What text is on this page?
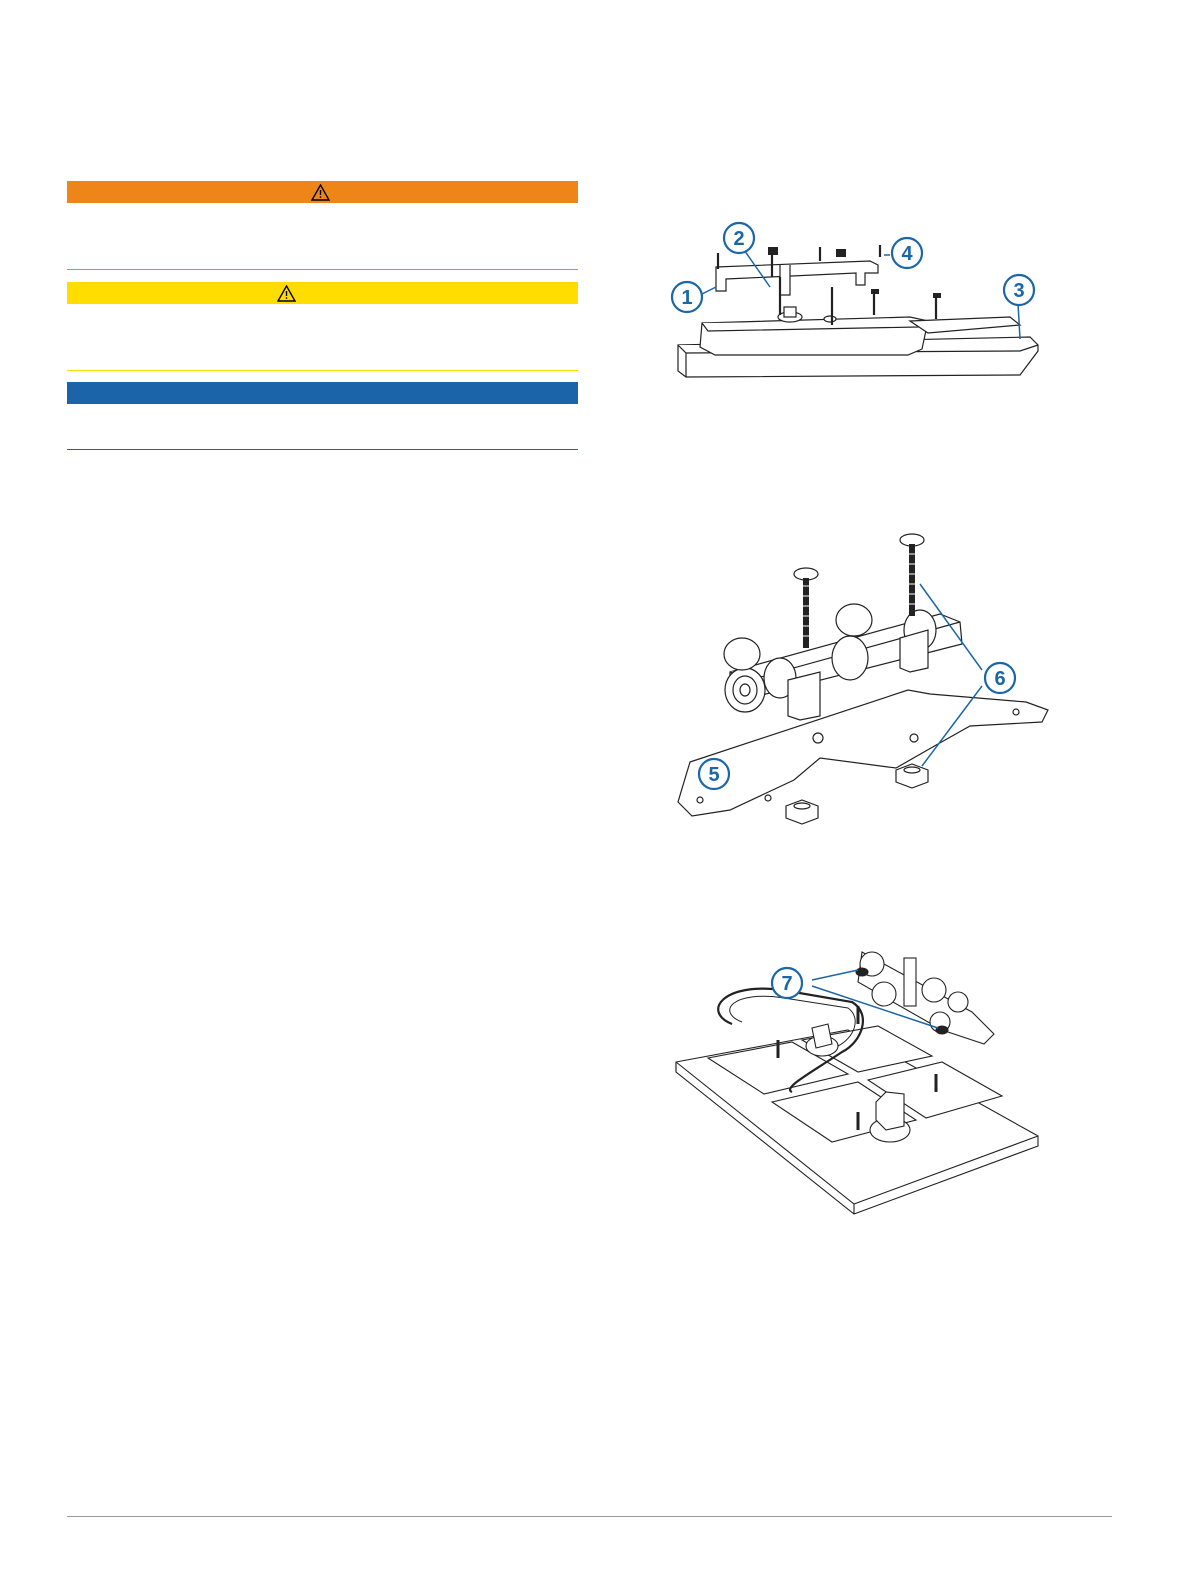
1
2
3
4
5
6
7
